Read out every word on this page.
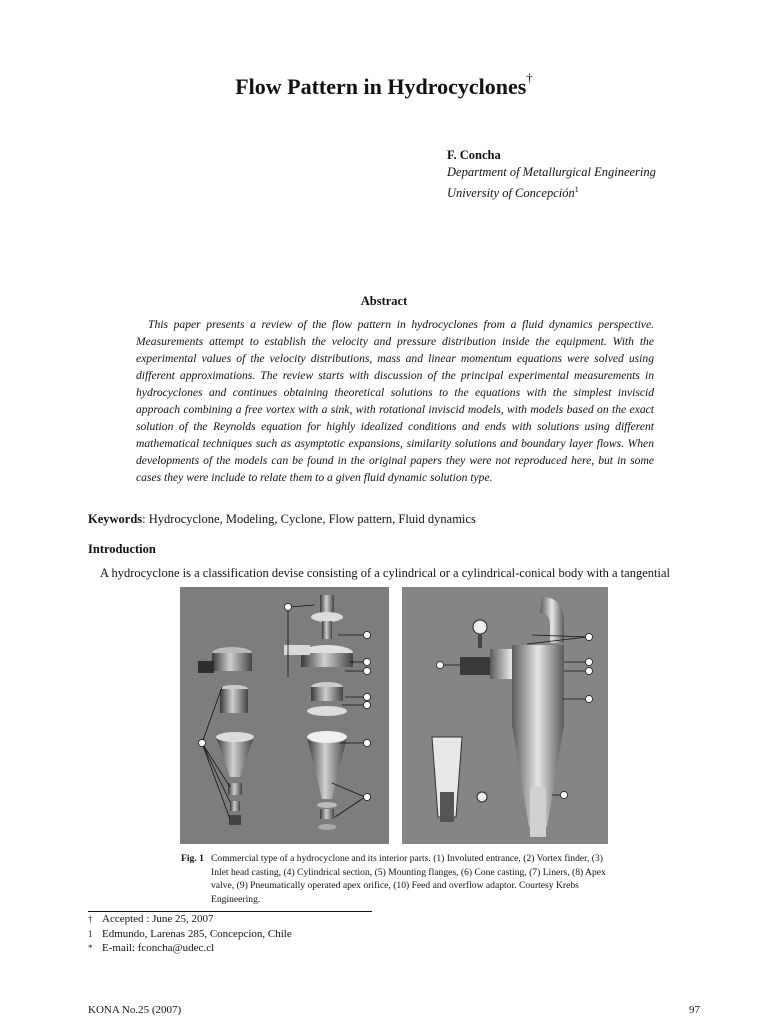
Flow Pattern in Hydrocyclones†
F. Concha
Department of Metallurgical Engineering
University of Concepción$^1$
Abstract

This paper presents a review of the flow pattern in hydrocyclones from a fluid dynamics perspective. Measurements attempt to establish the velocity and pressure distribution inside the equipment. With the experimental values of the velocity distributions, mass and linear momentum equations were solved using different approximations. The review starts with discussion of the principal experimental measurements in hydrocyclones and continues obtaining theoretical solutions to the equations with the simplest inviscid approach combining a free vortex with a sink, with rotational inviscid models, with models based on the exact solution of the Reynolds equation for highly idealized conditions and ends with solutions using different mathematical techniques such as asymptotic expansions, similarity solutions and boundary layer flows. When developments of the models can be found in the original papers they were not reproduced here, but in some cases they were include to relate them to a given fluid dynamic solution type.

Keywords: Hydrocyclone, Modeling, Cyclone, Flow pattern, Fluid dynamics
Introduction

A hydrocyclone is a classification devise consisting of a cylindrical or a cylindrical-conical body with a tangential

Fig. 1 Commercial type of a hydrocyclone and its interior parts. (1) Involuted entrance, (2) Vortex finder, (3) Inlet head casting, (4) Cylindrical section, (5) Mounting flanges, (6) Cone casting, (7) Liners, (8) Apex valve, (9) Pneumatically operated apex orifice, (10) Feed and overflow adaptor. Courtesy Krebs Engineering.
† Accepted : June 25, 2007
1 Edmundo, Larenas 285, Concepcion, Chile
* E-mail: fconcha@udec.cl
KONA No.25 (2007)	97
